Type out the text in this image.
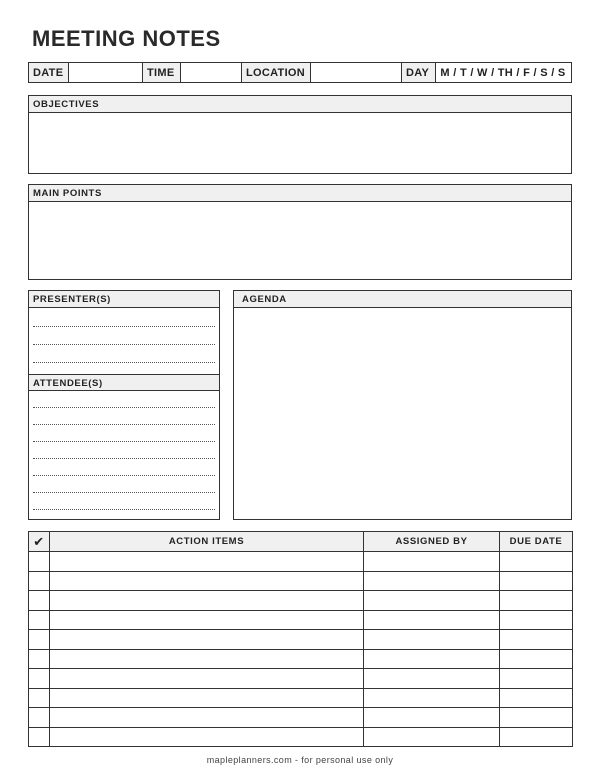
MEETING NOTES
DATE	TIME	LOCATION	DAY	M / T / W / TH / F / S / S
OBJECTIVES
MAIN POINTS
PRESENTER(S)
ATTENDEE(S)
AGENDA
✔	ACTION ITEMS	ASSIGNED BY	DUE DATE

mapleplanners.com - for personal use only
